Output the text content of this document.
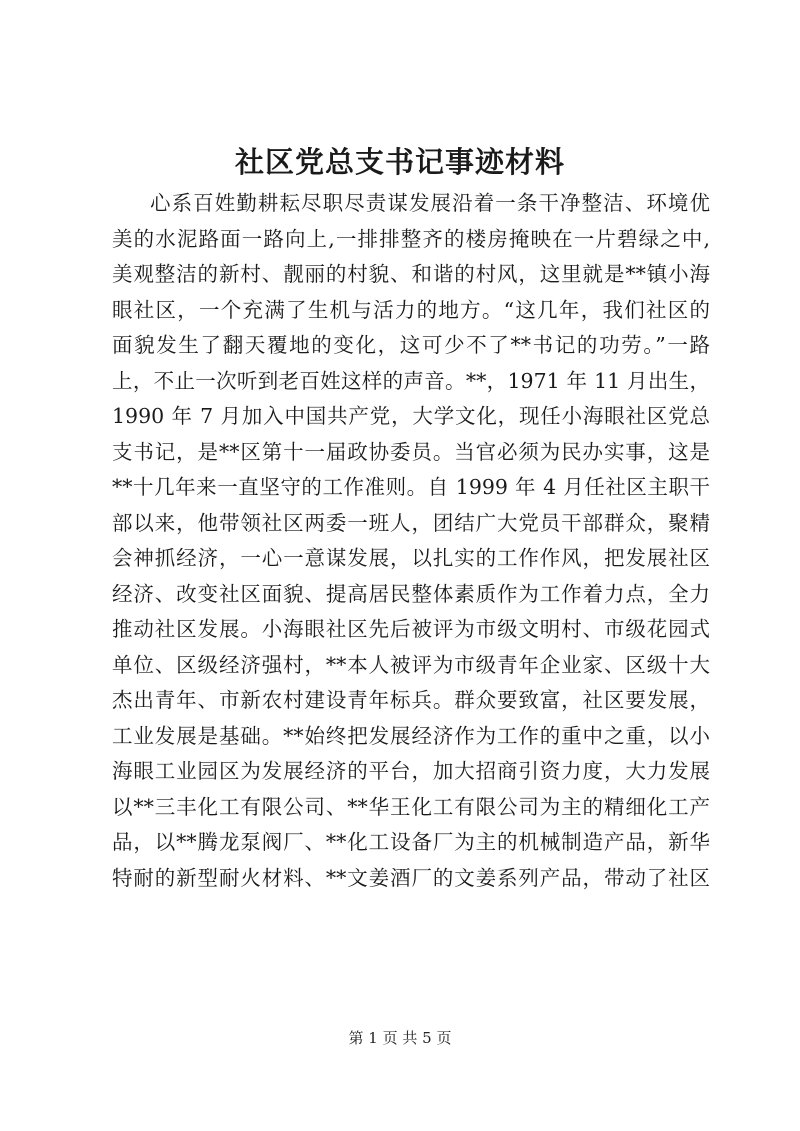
社区党总支书记事迹材料
心系百姓勤耕耘尽职尽责谋发展沿着一条干净整洁、环境优
美的水泥路面一路向上,一排排整齐的楼房掩映在一片碧绿之中,
美观整洁的新村、靓丽的村貌、和谐的村风，这里就是**镇小海
眼社区，一个充满了生机与活力的地方。“这几年，我们社区的
面貌发生了翻天覆地的变化，这可少不了**书记的功劳。”一路
上，不止一次听到老百姓这样的声音。**，1971 年 11 月出生，
1990 年 7 月加入中国共产党，大学文化，现任小海眼社区党总
支书记，是**区第十一届政协委员。当官必须为民办实事，这是
**十几年来一直坚守的工作准则。自 1999 年 4 月任社区主职干
部以来，他带领社区两委一班人，团结广大党员干部群众，聚精
会神抓经济，一心一意谋发展，以扎实的工作作风，把发展社区
经济、改变社区面貌、提高居民整体素质作为工作着力点，全力
推动社区发展。小海眼社区先后被评为市级文明村、市级花园式
单位、区级经济强村，**本人被评为市级青年企业家、区级十大
杰出青年、市新农村建设青年标兵。群众要致富，社区要发展，
工业发展是基础。**始终把发展经济作为工作的重中之重，以小
海眼工业园区为发展经济的平台，加大招商引资力度，大力发展
以**三丰化工有限公司、**华王化工有限公司为主的精细化工产
品，以**腾龙泵阀厂、**化工设备厂为主的机械制造产品，新华
特耐的新型耐火材料、**文姜酒厂的文姜系列产品，带动了社区
第 1 页 共 5 页
